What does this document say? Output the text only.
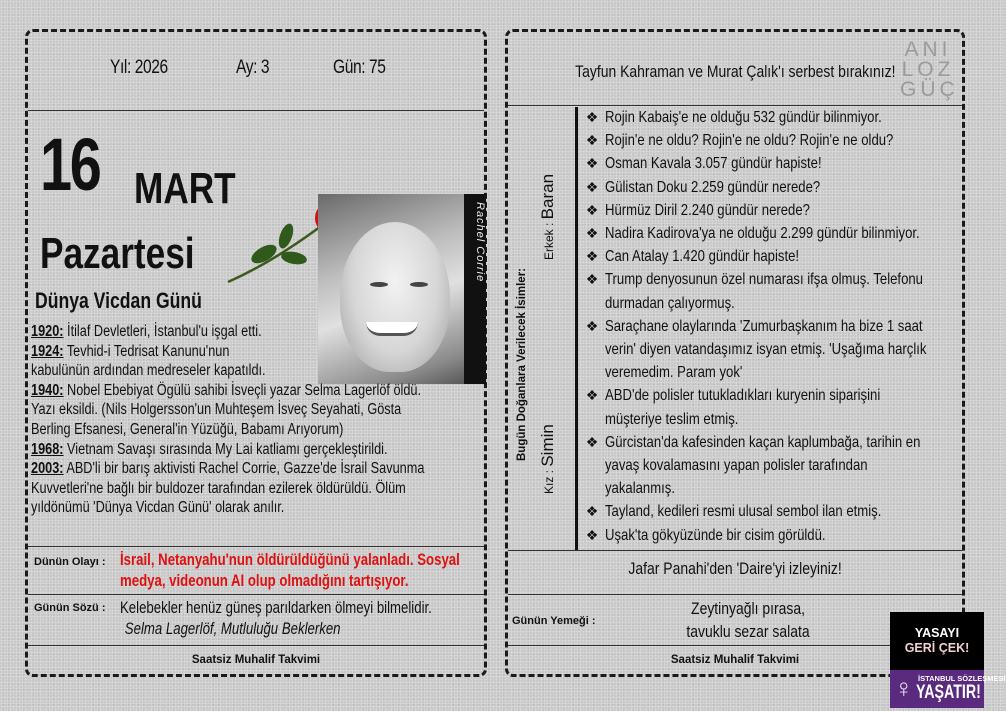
Yıl: 2026	Ay: 3	Gün: 75
16 MART
Pazartesi
Dünya Vicdan Günü
Rachel Corrie
1920: İtilaf Devletleri, İstanbul'u işgal etti.
1924: Tevhid-i Tedrisat Kanunu'nun
kabulünün ardından medreseler kapatıldı.
1940: Nobel Ebebiyat Ögülü sahibi İsveçli yazar Selma Lagerlöf öldü.
Yazı eksildi. (Nils Holgersson'un Muhteşem İsveç Seyahati, Gösta
Berling Efsanesi, General'in Yüzüğü, Babamı Arıyorum)
1968: Vietnam Savaşı sırasında My Lai katliamı gerçekleştirildi.
2003: ABD'li bir barış aktivisti Rachel Corrie, Gazze'de İsrail Savunma
Kuvvetleri'ne bağlı bir buldozer tarafından ezilerek öldürüldü. Ölüm
yıldönümü 'Dünya Vicdan Günü' olarak anılır.
Dünün Olayı : İsrail, Netanyahu'nun öldürüldüğünü yalanladı. Sosyal
medya, videonun AI olup olmadığını tartışıyor.
Günün Sözü : Kelebekler henüz güneş parıldarken ölmeyi bilmelidir.
Selma Lagerlöf, Mutluluğu Beklerken
Saatsiz Muhalif Takvimi
Tayfun Kahraman ve Murat Çalık'ı serbest bırakınız!
ANI
LOZ
GÜÇ
Bugün Doğanlara Verilecek İsimler:
Erkek : Baran
Kız : Simin
❖ Rojin Kabaiş'e ne olduğu 532 gündür bilinmiyor.
❖ Rojin'e ne oldu? Rojin'e ne oldu? Rojin'e ne oldu?
❖ Osman Kavala 3.057 gündür hapiste!
❖ Gülistan Doku 2.259 gündür nerede?
❖ Hürmüz Diril 2.240 gündür nerede?
❖ Nadira Kadirova'ya ne olduğu 2.299 gündür bilinmiyor.
❖ Can Atalay 1.420 gündür hapiste!
❖ Trump denyosunun özel numarası ifşa olmuş. Telefonu
durmadan çalıyormuş.
❖ Saraçhane olaylarında 'Zumurbaşkanım ha bize 1 saat
verin' diyen vatandaşımız isyan etmiş. 'Uşağıma harçlık
veremedim. Param yok'
❖ ABD'de polisler tutukladıkları kuryenin siparişini
müşteriye teslim etmiş.
❖ Gürcistan'da kafesinden kaçan kaplumbağa, tarihin en
yavaş kovalamasını yapan polisler tarafından
yakalanmış.
❖ Tayland, kedileri resmi ulusal sembol ilan etmiş.
❖ Uşak'ta gökyüzünde bir cisim görüldü.
Jafar Panahi'den 'Daire'yi izleyiniz!
Günün Yemeği :
Zeytinyağlı pırasa,
tavuklu sezar salata
Saatsiz Muhalif Takvimi
YASAYI
GERİ ÇEK!
♀ İSTANBUL SÖZLEŞMESİ
YAŞATIR!
